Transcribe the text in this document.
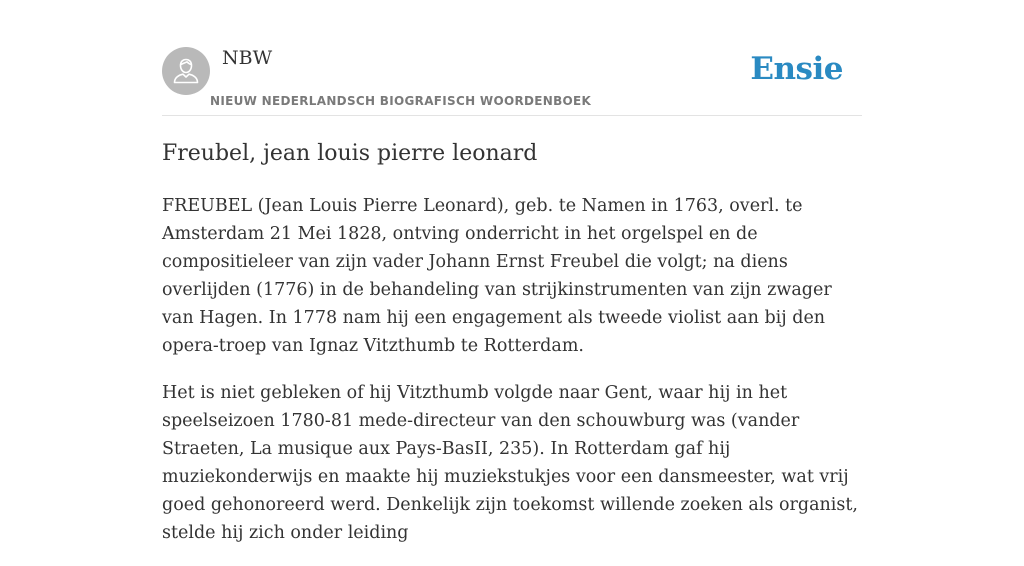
NBW
NIEUW NEDERLANDSCH BIOGRAFISCH WOORDENBOEK
Ensie
Freubel, jean louis pierre leonard

FREUBEL (Jean Louis Pierre Leonard), geb. te Namen in 1763, overl. te Amsterdam 21 Mei 1828, ontving onderricht in het orgelspel en de compositieleer van zijn vader Johann Ernst Freubel die volgt; na diens overlijden (1776) in de behandeling van strijkinstrumenten van zijn zwager van Hagen. In 1778 nam hij een engagement als tweede violist aan bij den opera-troep van Ignaz Vitzthumb te Rotterdam.

Het is niet gebleken of hij Vitzthumb volgde naar Gent, waar hij in het speelseizoen 1780-81 mede-directeur van den schouwburg was (vander Straeten, La musique aux Pays-BasII, 235). In Rotterdam gaf hij muziekonderwijs en maakte hij muziekstukjes voor een dansmeester, wat vrij goed gehonoreerd werd. Denkelijk zijn toekomst willende zoeken als organist, stelde hij zich onder leiding
